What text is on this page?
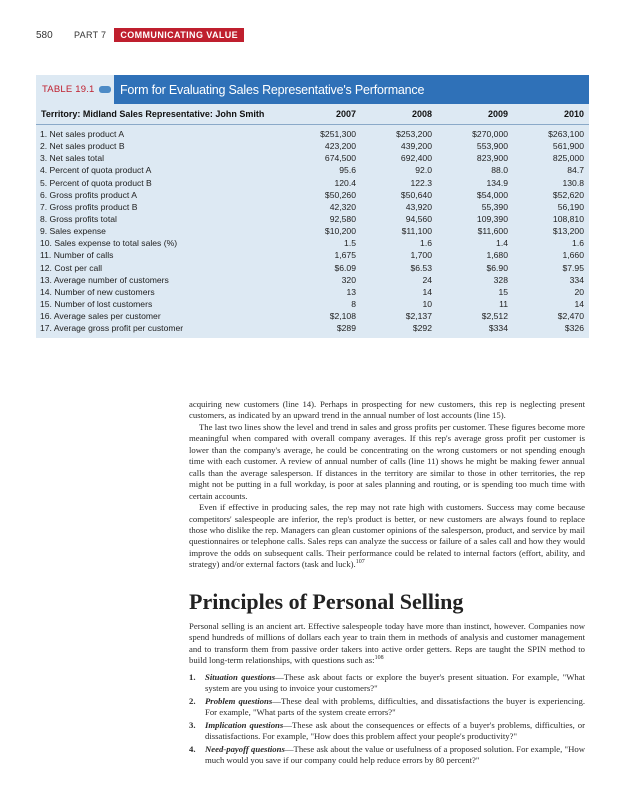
580	PART 7	COMMUNICATING VALUE
TABLE 19.1	Form for Evaluating Sales Representative's Performance
Territory: Midland Sales Representative: John Smith	2007	2008	2009	2010
1. Net sales product A	$251,300	$253,200	$270,000	$263,100
2. Net sales product B	423,200	439,200	553,900	561,900
3. Net sales total	674,500	692,400	823,900	825,000
4. Percent of quota product A	95.6	92.0	88.0	84.7
5. Percent of quota product B	120.4	122.3	134.9	130.8
6. Gross profits product A	$50,260	$50,640	$54,000	$52,620
7. Gross profits product B	42,320	43,920	55,390	56,190
8. Gross profits total	92,580	94,560	109,390	108,810
9. Sales expense	$10,200	$11,100	$11,600	$13,200
10. Sales expense to total sales (%)	1.5	1.6	1.4	1.6
11. Number of calls	1,675	1,700	1,680	1,660
12. Cost per call	$6.09	$6.53	$6.90	$7.95
13. Average number of customers	320	24	328	334
14. Number of new customers	13	14	15	20
15. Number of lost customers	8	10	11	14
16. Average sales per customer	$2,108	$2,137	$2,512	$2,470
17. Average gross profit per customer	$289	$292	$334	$326

acquiring new customers (line 14). Perhaps in prospecting for new customers, this rep is neglecting present customers, as indicated by an upward trend in the annual number of lost accounts (line 15).

The last two lines show the level and trend in sales and gross profits per customer. These figures become more meaningful when compared with overall company averages. If this rep's average gross profit per customer is lower than the company's average, he could be concentrating on the wrong customers or not spending enough time with each customer. A review of annual number of calls (line 11) shows he might be making fewer annual calls than the average salesperson. If distances in the territory are similar to those in other territories, the rep might not be putting in a full workday, is poor at sales planning and routing, or is spending too much time with certain accounts.

Even if effective in producing sales, the rep may not rate high with customers. Success may come because competitors' salespeople are inferior, the rep's product is better, or new customers are always found to replace those who dislike the rep. Managers can glean customer opinions of the salesperson, product, and service by mail questionnaires or telephone calls. Sales reps can analyze the success or failure of a sales call and how they would improve the odds on subsequent calls. Their performance could be related to internal factors (effort, ability, and strategy) and/or external factors (task and luck).$^{107}$

Principles of Personal Selling

Personal selling is an ancient art. Effective salespeople today have more than instinct, however. Companies now spend hundreds of millions of dollars each year to train them in methods of analysis and customer management and to transform them from passive order takers into active order getters. Reps are taught the SPIN method to build long-term relationships, with questions such as:$^{108}$

1.	Situation questions—These ask about facts or explore the buyer's present situation. For example, "What system are you using to invoice your customers?"
2.	Problem questions—These deal with problems, difficulties, and dissatisfactions the buyer is experiencing. For example, "What parts of the system create errors?"
3.	Implication questions—These ask about the consequences or effects of a buyer's problems, difficulties, or dissatisfactions. For example, "How does this problem affect your people's productivity?"
4.	Need-payoff questions—These ask about the value or usefulness of a proposed solution. For example, "How much would you save if our company could help reduce errors by 80 percent?"
